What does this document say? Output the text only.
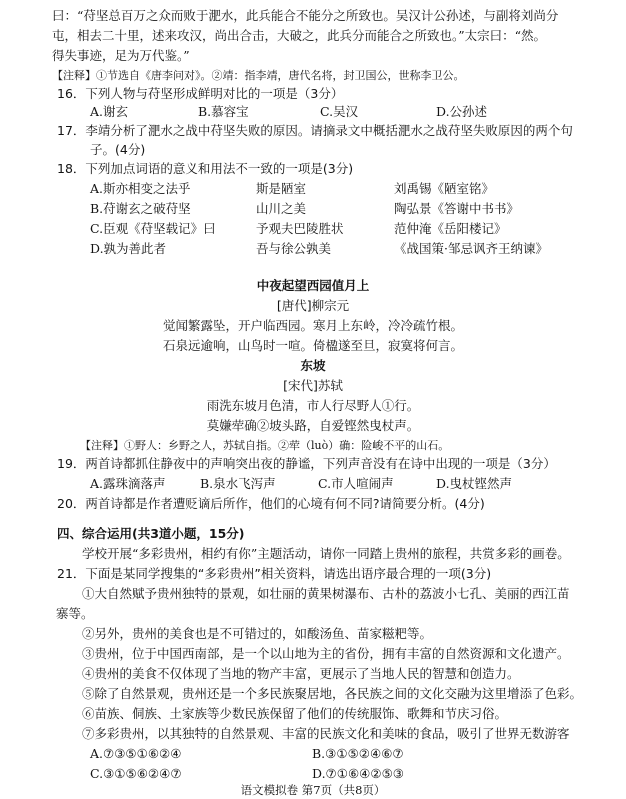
曰：“苻坚总百万之众而败于淝水，此兵能合不能分之所致也。吴汉计公孙述，与副将刘尚分
屯，相去二十里，述来攻汉，尚出合击，大破之，此兵分而能合之所致也。”太宗曰：“然。
得失事迹，足为万代鉴。”
【注释】①节选自《唐李问对》。②靖：指李靖，唐代名将，封卫国公，世称李卫公。
16．下列人物与苻坚形成鲜明对比的一项是（3分）
A.谢玄	B.慕容宝	C.吴汉	D.公孙述
17．李靖分析了淝水之战中苻坚失败的原因。请摘录文中概括淝水之战苻坚失败原因的两个句
子。(4分)
18．下列加点词语的意义和用法不一致的一项是(3分)
A.斯亦相变之法乎	斯是陋室	刘禹锡《陋室铭》
B.苻谢玄之破苻坚	山川之美	陶弘景《答谢中书书》
C.臣观《苻坚载记》曰	予观夫巴陵胜状	范仲淹《岳阳楼记》
D.孰为善此者	吾与徐公孰美	《战国策·邹忌讽齐王纳谏》
中夜起望西园值月上
[唐代]柳宗元
觉闻繁露坠，开户临西园。寒月上东岭，冷冷疏竹根。
石泉远逾响，山鸟时一喧。倚楹遂至旦，寂寞将何言。
东坡
[宋代]苏轼
雨洗东坡月色清，市人行尽野人①行。
莫嫌荦确②坡头路，自爱铿然曳杖声。
【注释】①野人：乡野之人，苏轼自指。②荦（luò）确：险峻不平的山石。
19．两首诗都抓住静夜中的声响突出夜的静谧，下列声音没有在诗中出现的一项是（3分）
A.露珠滴落声	B.泉水飞泻声	C.市人喧闹声	D.曳杖铿然声
20．两首诗都是作者遭贬谪后所作，他们的心境有何不同?请简要分析。(4分)
四、综合运用(共3道小题，15分)
学校开展“多彩贵州，相约有你”主题活动，请你一同踏上贵州的旅程，共赏多彩的画卷。
21．下面是某同学搜集的“多彩贵州”相关资料，请选出语序最合理的一项(3分)
①大自然赋予贵州独特的景观，如壮丽的黄果树瀑布、古朴的荔波小七孔、美丽的西江苗
寨等。
②另外，贵州的美食也是不可错过的，如酸汤鱼、苗家糍粑等。
③贵州，位于中国西南部，是一个以山地为主的省份，拥有丰富的自然资源和文化遗产。
④贵州的美食不仅体现了当地的物产丰富，更展示了当地人民的智慧和创造力。
⑤除了自然景观，贵州还是一个多民族聚居地，各民族之间的文化交融为这里增添了色彩。
⑥苗族、侗族、土家族等少数民族保留了他们的传统服饰、歌舞和节庆习俗。
⑦多彩贵州，以其独特的自然景观、丰富的民族文化和美味的食品，吸引了世界无数游客
A.⑦③⑤①⑥②④	B.③①⑤②④⑥⑦
C.③①⑤⑥②④⑦	D.⑦①⑥④②⑤③
语文模拟卷 第7页（共8页）
